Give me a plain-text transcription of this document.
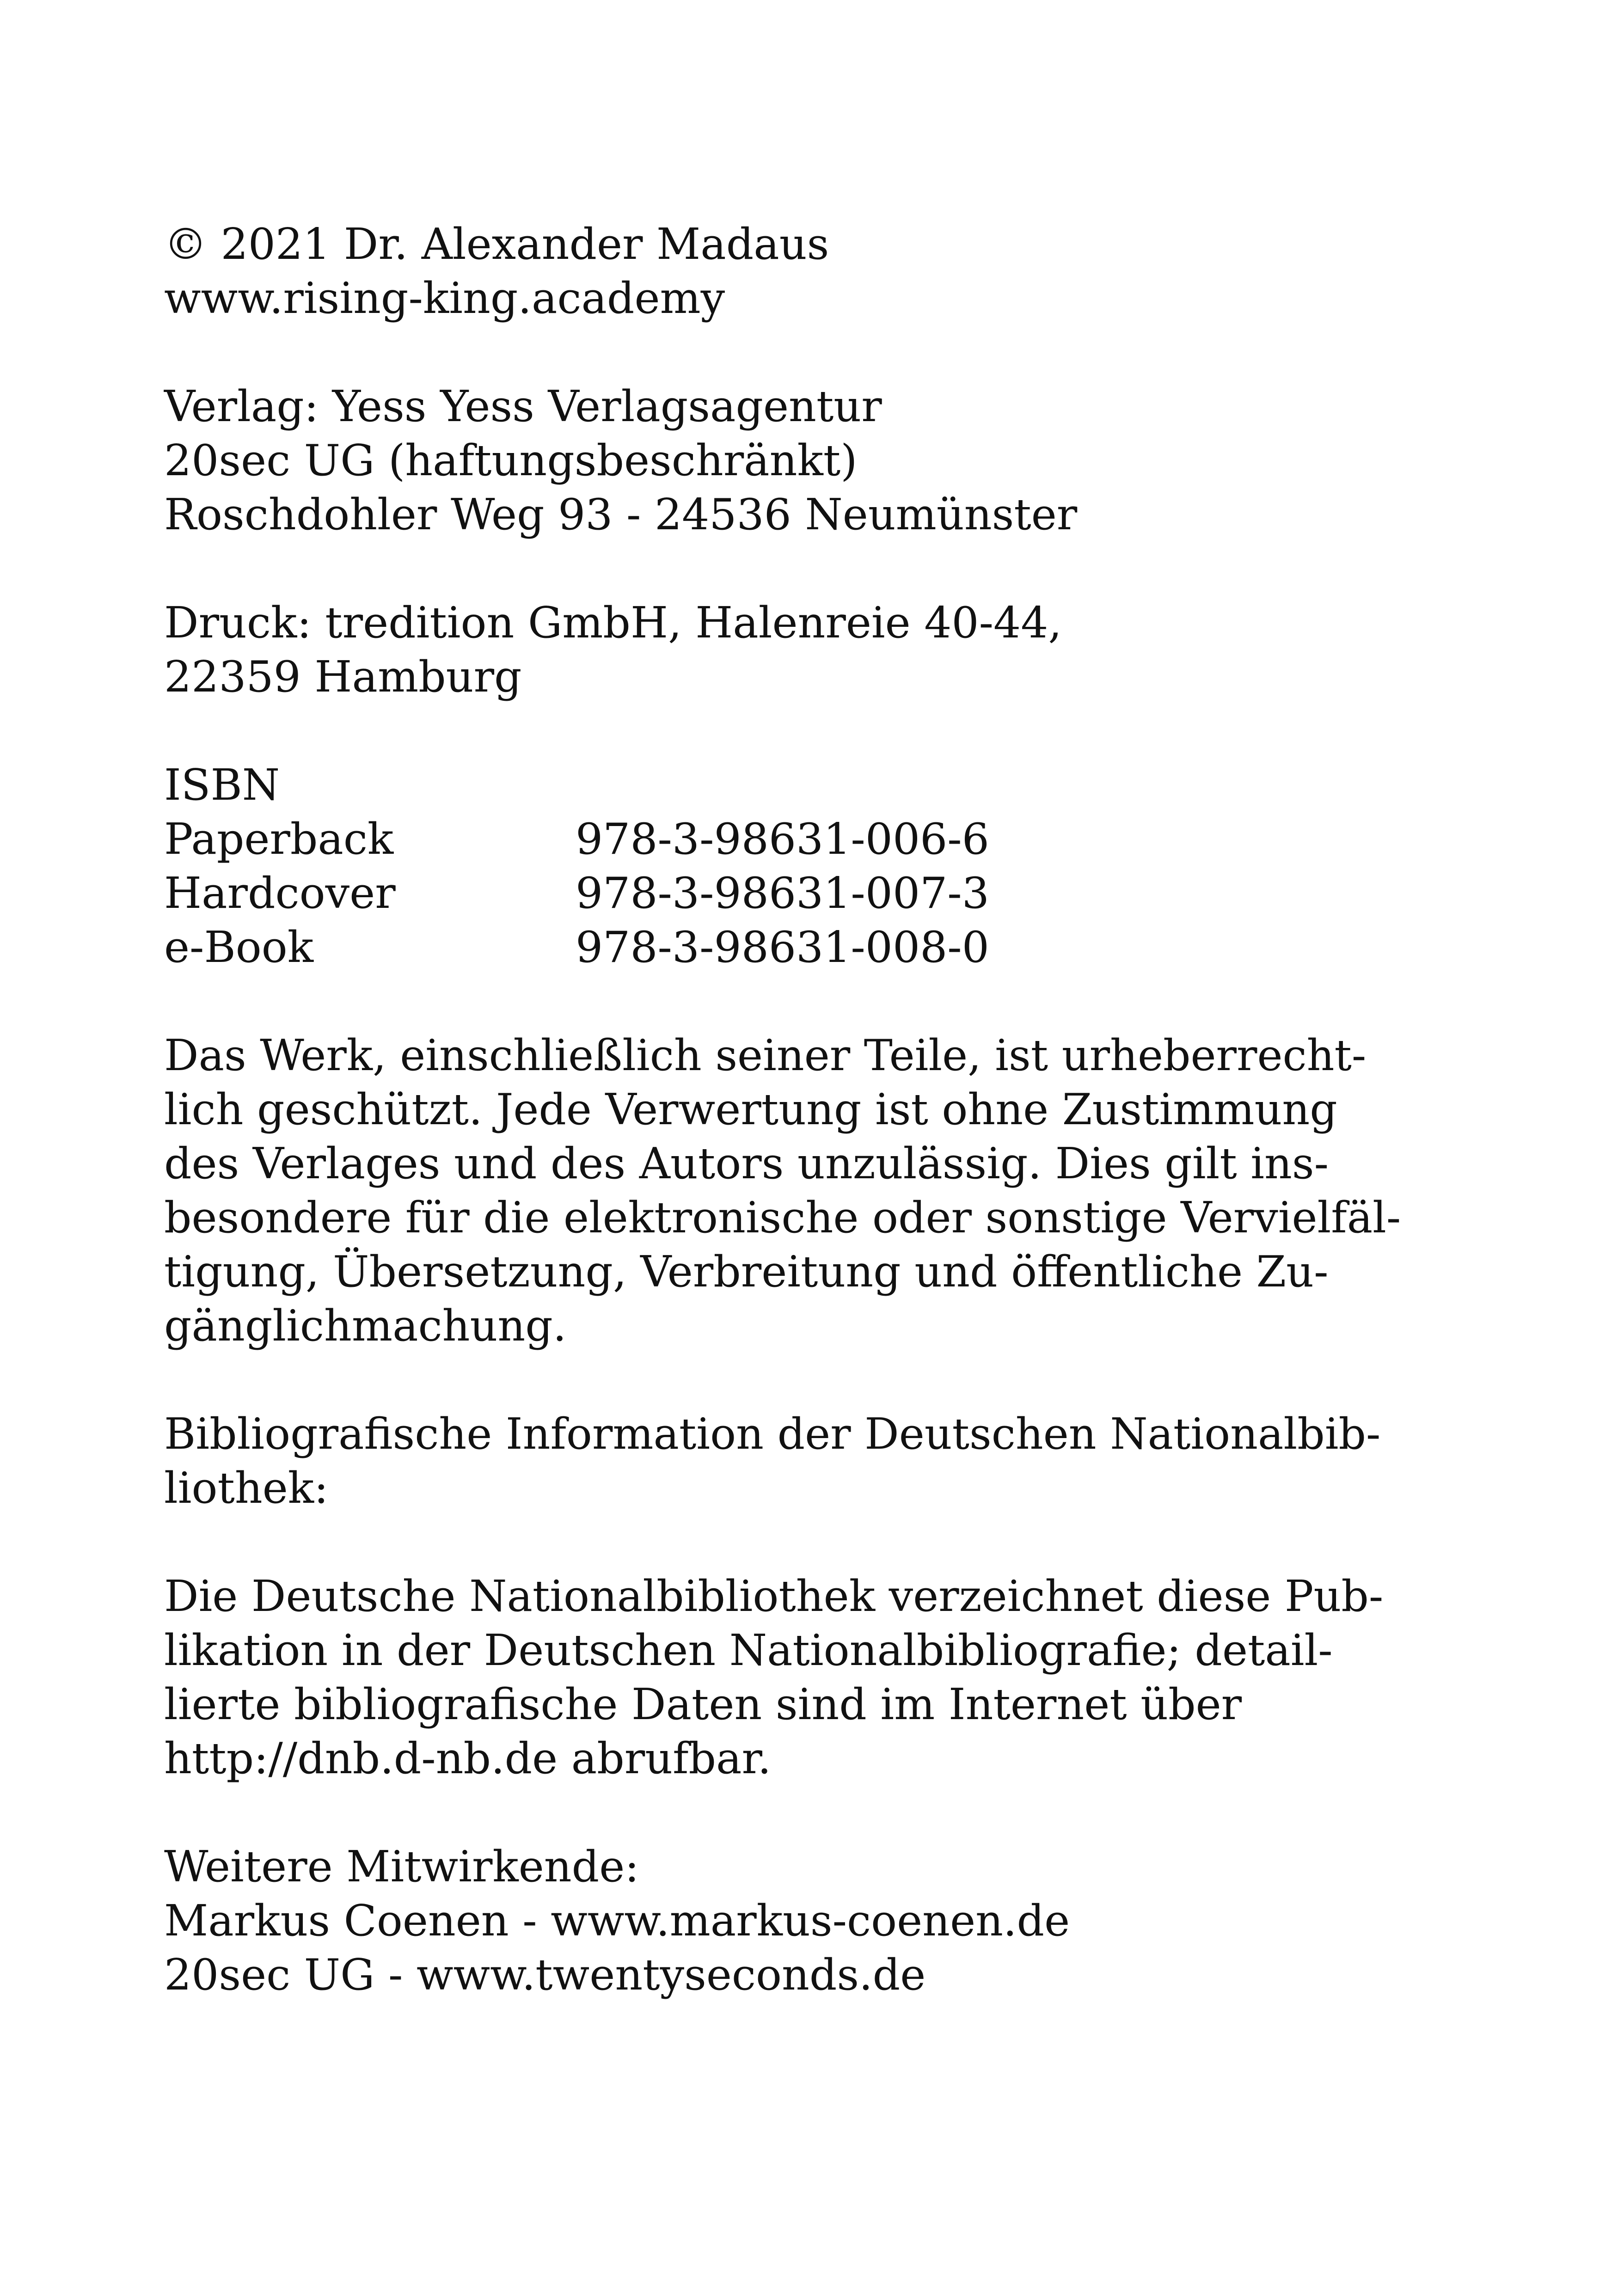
© 2021 Dr. Alexander Madaus
www.rising-king.academy
Verlag: Yess Yess Verlagsagentur
20sec UG (haftungsbeschränkt)
Roschdohler Weg 93 - 24536 Neumünster
Druck: tredition GmbH, Halenreie 40-44,
22359 Hamburg
ISBN
Paperback	978-3-98631-006-6
Hardcover	978-3-98631-007-3
e-Book	978-3-98631-008-0
Das Werk, einschließlich seiner Teile, ist urheberrecht-
lich geschützt. Jede Verwertung ist ohne Zustimmung
des Verlages und des Autors unzulässig. Dies gilt ins-
besondere für die elektronische oder sonstige Vervielfäl-
tigung, Übersetzung, Verbreitung und öffentliche Zu-
gänglichmachung.
Bibliografische Information der Deutschen Nationalbib-
liothek:
Die Deutsche Nationalbibliothek verzeichnet diese Pub-
likation in der Deutschen Nationalbibliografie; detail-
lierte bibliografische Daten sind im Internet über
http://dnb.d-nb.de abrufbar.
Weitere Mitwirkende:
Markus Coenen - www.markus-coenen.de
20sec UG - www.twentyseconds.de
